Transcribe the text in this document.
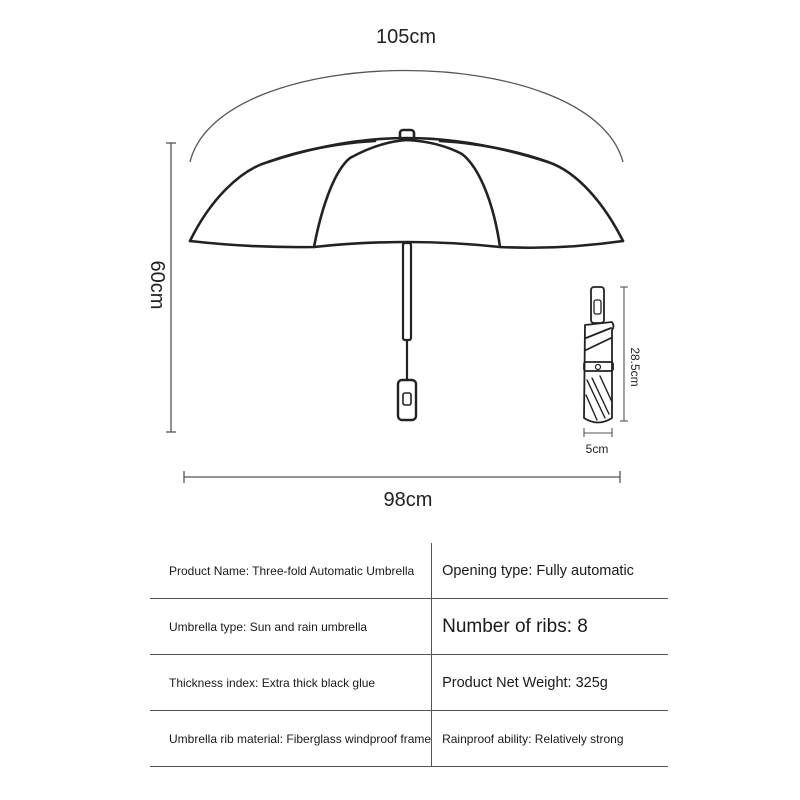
105cm
60cm
98cm
28.5cm
5cm
Product Name: Three-fold Automatic Umbrella	Opening type: Fully automatic
Umbrella type: Sun and rain umbrella	Number of ribs: 8
Thickness index: Extra thick black glue	Product Net Weight: 325g
Umbrella rib material: Fiberglass windproof frame	Rainproof ability: Relatively strong
